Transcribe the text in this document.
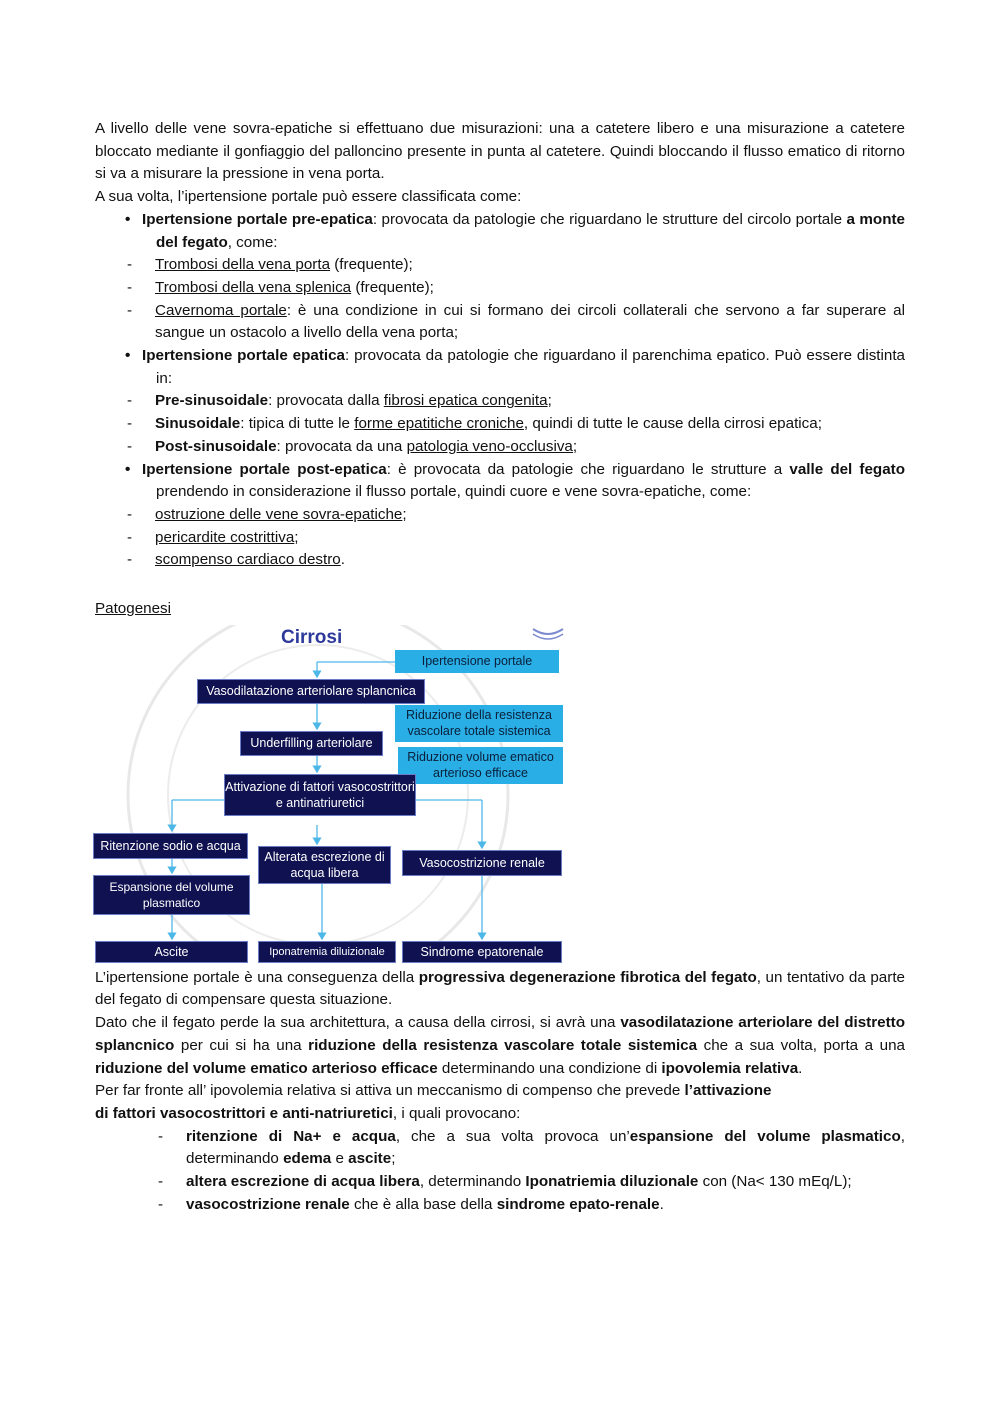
A livello delle vene sovra-epatiche si effettuano due misurazioni: una a catetere libero e una misurazione a catetere bloccato mediante il gonfiaggio del palloncino presente in punta al catetere. Quindi bloccando il flusso ematico di ritorno si va a misurare la pressione in vena porta.

A sua volta, l’ipertensione portale può essere classificata come:

• Ipertensione portale pre-epatica: provocata da patologie che riguardano le strutture del circolo portale a monte del fegato, come:
- Trombosi della vena porta (frequente);
- Trombosi della vena splenica (frequente);
- Cavernoma portale: è una condizione in cui si formano dei circoli collaterali che servono a far superare al sangue un ostacolo a livello della vena porta;
• Ipertensione portale epatica: provocata da patologie che riguardano il parenchima epatico. Può essere distinta in:
- Pre-sinusoidale: provocata dalla fibrosi epatica congenita;
- Sinusoidale: tipica di tutte le forme epatitiche croniche, quindi di tutte le cause della cirrosi epatica;
- Post-sinusoidale: provocata da una patologia veno-occlusiva;
• Ipertensione portale post-epatica: è provocata da patologie che riguardano le strutture a valle del fegato prendendo in considerazione il flusso portale, quindi cuore e vene sovra-epatiche, come:
- ostruzione delle vene sovra-epatiche;
- pericardite costrittiva;
- scompenso cardiaco destro.

Patogenesi

Cirrosi
Ipertensione portale
Vasodilatazione arteriolare splancnica
Riduzione della resistenza vascolare totale sistemica
Underfilling arteriolare
Riduzione volume ematico arterioso efficace
Attivazione di fattori vasocostrittori e antinatriuretici
Ritenzione sodio e acqua
Alterata escrezione di acqua libera
Vasocostrizione renale
Espansione del volume plasmatico
Ascite	Iponatremia diluizionale	Sindrome epatorenale

L’ipertensione portale è una conseguenza della progressiva degenerazione fibrotica del fegato, un tentativo da parte del fegato di compensare questa situazione.

Dato che il fegato perde la sua architettura, a causa della cirrosi, si avrà una vasodilatazione arteriolare del distretto splancnico per cui si ha una riduzione della resistenza vascolare totale sistemica che a sua volta, porta a una riduzione del volume ematico arterioso efficace determinando una condizione di ipovolemia relativa.

Per far fronte all’ ipovolemia relativa si attiva un meccanismo di compenso che prevede l’attivazione
di fattori vasocostrittori e anti-natriuretici, i quali provocano:

- ritenzione di Na+ e acqua, che a sua volta provoca un’espansione del volume plasmatico, determinando edema e ascite;
- altera escrezione di acqua libera, determinando Iponatriemia diluzionale con (Na< 130 mEq/L);
- vasocostrizione renale che è alla base della sindrome epato-renale.
